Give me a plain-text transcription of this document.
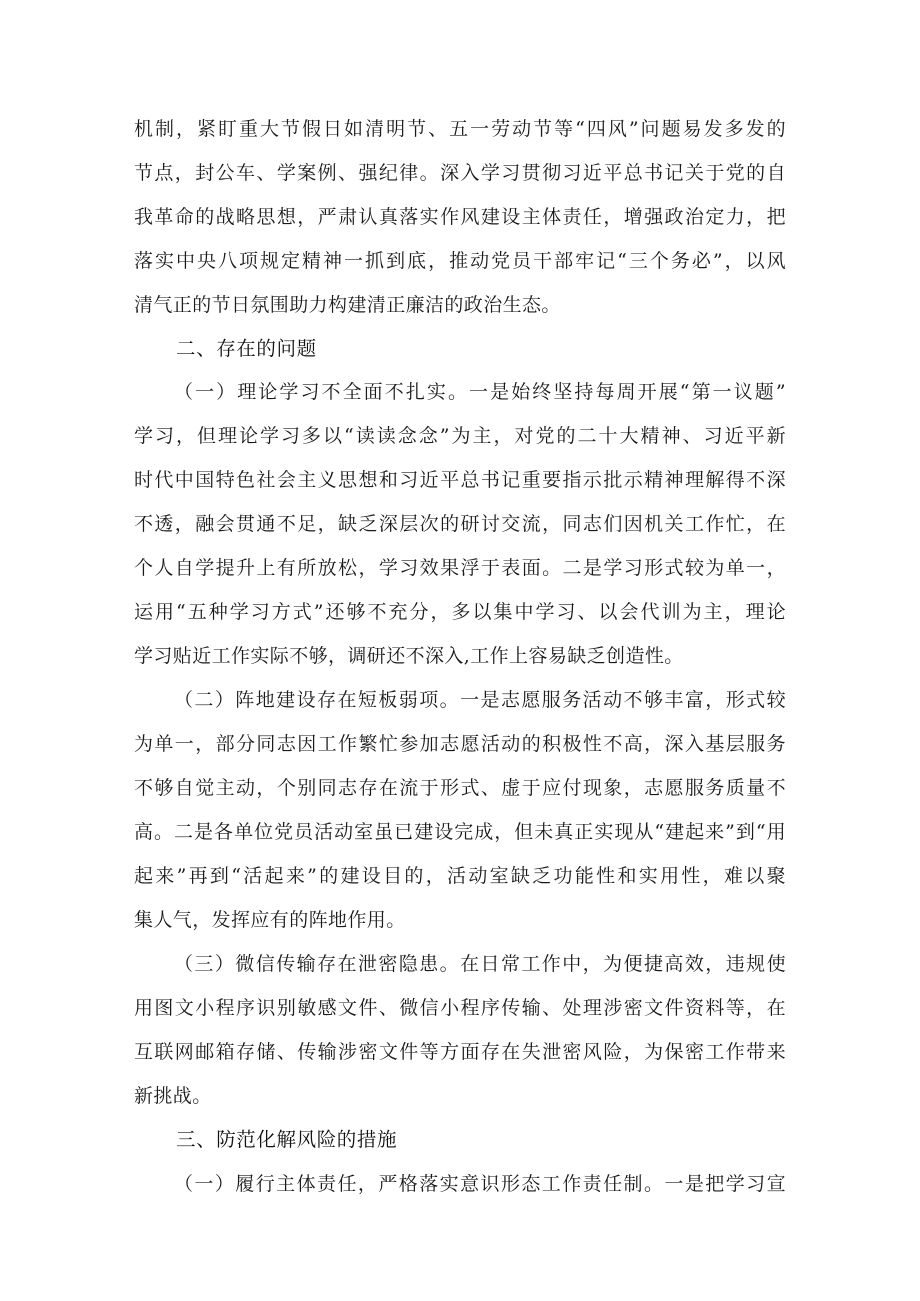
机制，紧盯重大节假日如清明节、五一劳动节等“四风”问题易发多发的
节点，封公车、学案例、强纪律。深入学习贯彻习近平总书记关于党的自
我革命的战略思想，严肃认真落实作风建设主体责任，增强政治定力，把
落实中央八项规定精神一抓到底，推动党员干部牢记“三个务必”，以风
清气正的节日氛围助力构建清正廉洁的政治生态。
二、存在的问题
（一）理论学习不全面不扎实。一是始终坚持每周开展“第一议题”
学习，但理论学习多以“读读念念”为主，对党的二十大精神、习近平新
时代中国特色社会主义思想和习近平总书记重要指示批示精神理解得不深
不透，融会贯通不足，缺乏深层次的研讨交流，同志们因机关工作忙，在
个人自学提升上有所放松，学习效果浮于表面。二是学习形式较为单一，
运用“五种学习方式”还够不充分，多以集中学习、以会代训为主，理论
学习贴近工作实际不够，调研还不深入,工作上容易缺乏创造性。
（二）阵地建设存在短板弱项。一是志愿服务活动不够丰富，形式较
为单一，部分同志因工作繁忙参加志愿活动的积极性不高，深入基层服务
不够自觉主动，个别同志存在流于形式、虚于应付现象，志愿服务质量不
高。二是各单位党员活动室虽已建设完成，但未真正实现从“建起来”到“用
起来”再到“活起来”的建设目的，活动室缺乏功能性和实用性，难以聚
集人气，发挥应有的阵地作用。
（三）微信传输存在泄密隐患。在日常工作中，为便捷高效，违规使
用图文小程序识别敏感文件、微信小程序传输、处理涉密文件资料等，在
互联网邮箱存储、传输涉密文件等方面存在失泄密风险，为保密工作带来
新挑战。
三、防范化解风险的措施
（一）履行主体责任，严格落实意识形态工作责任制。一是把学习宣
